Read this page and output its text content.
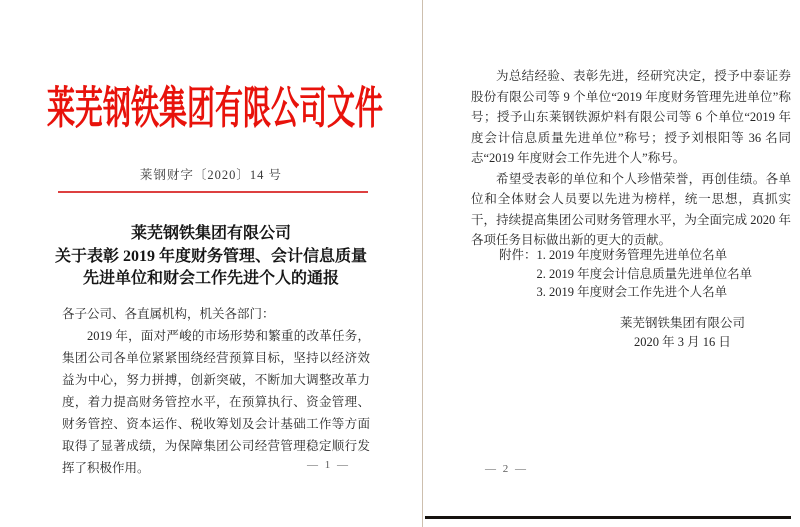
莱芜钢铁集团有限公司文件
莱钢财字〔2020〕14 号
莱芜钢铁集团有限公司
关于表彰 2019 年度财务管理、会计信息质量
先进单位和财会工作先进个人的通报

各子公司、各直属机构，机关各部门：

2019 年，面对严峻的市场形势和繁重的改革任务，集团公司各单位紧紧围绕经营预算目标，坚持以经济效益为中心，努力拼搏，创新突破，不断加大调整改革力度，着力提高财务管控水平，在预算执行、资金管理、财务管控、资本运作、税收筹划及会计基础工作等方面取得了显著成绩，为保障集团公司经营管理稳定顺行发挥了积极作用。	— 1 —

为总结经验、表彰先进，经研究决定，授予中泰证券股份有限公司等 9 个单位“2019 年度财务管理先进单位”称号；授予山东莱钢铁源炉料有限公司等 6 个单位“2019 年度会计信息质量先进单位”称号；授予刘根阳等 36 名同志“2019 年度财会工作先进个人”称号。

希望受表彰的单位和个人珍惜荣誉，再创佳绩。各单位和全体财会人员要以先进为榜样，统一思想，真抓实干，持续提高集团公司财务管理水平，为全面完成 2020 年各项任务目标做出新的更大的贡献。

附件： 1. 2019 年度财务管理先进单位名单

2. 2019 年度会计信息质量先进单位名单

3. 2019 年度财会工作先进个人名单

莱芜钢铁集团有限公司
2020 年 3 月 16 日
— 2 —
